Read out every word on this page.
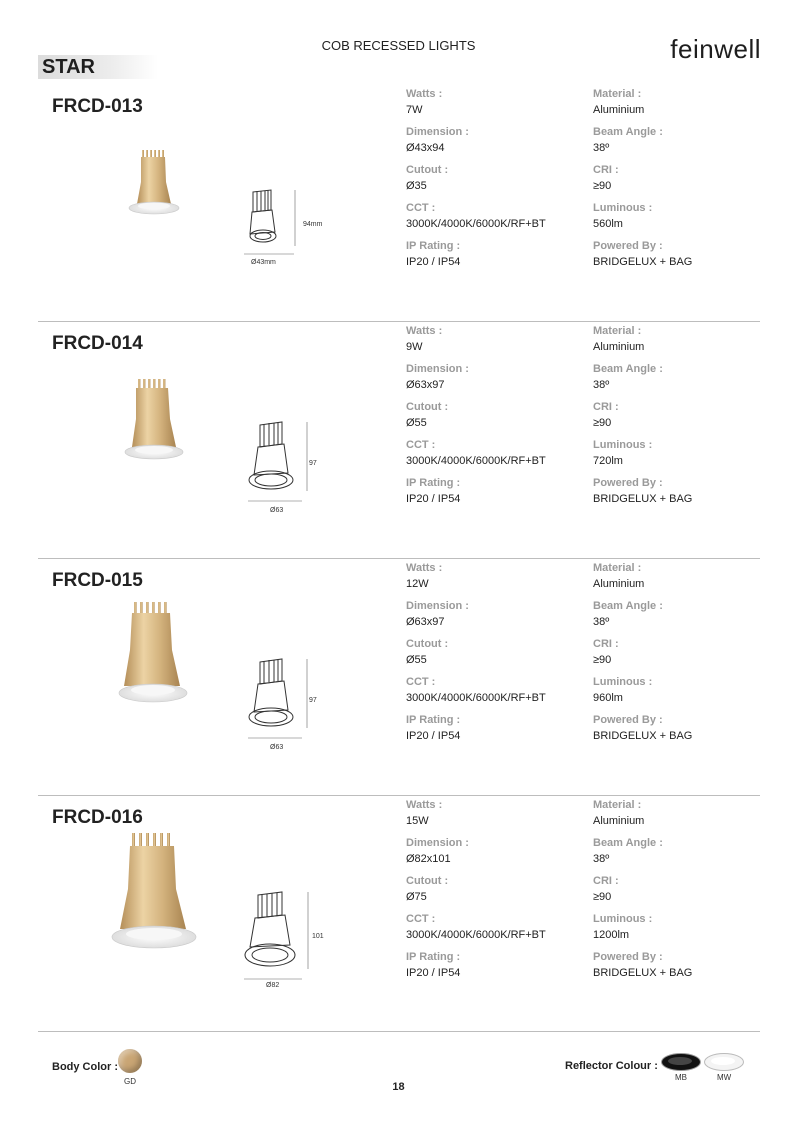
COB RECESSED LIGHTS	feinwell
STAR
FRCD-013
94mm
Ø43mm
Watts :
7W
Dimension :
Ø43x94
Cutout :
Ø35
CCT :
3000K/4000K/6000K/RF+BT
IP Rating :
IP20 / IP54
Material :
Aluminium
Beam Angle :
38º
CRI :
≥90
Luminous :
560lm
Powered By :
BRIDGELUX + BAG
FRCD-014
97
Ø63
Watts :
9W
Dimension :
Ø63x97
Cutout :
Ø55
CCT :
3000K/4000K/6000K/RF+BT
IP Rating :
IP20 / IP54
Material :
Aluminium
Beam Angle :
38º
CRI :
≥90
Luminous :
720lm
Powered By :
BRIDGELUX + BAG
FRCD-015
97
Ø63
Watts :
12W
Dimension :
Ø63x97
Cutout :
Ø55
CCT :
3000K/4000K/6000K/RF+BT
IP Rating :
IP20 / IP54
Material :
Aluminium
Beam Angle :
38º
CRI :
≥90
Luminous :
960lm
Powered By :
BRIDGELUX + BAG
FRCD-016
101
Ø82
Watts :
15W
Dimension :
Ø82x101
Cutout :
Ø75
CCT :
3000K/4000K/6000K/RF+BT
IP Rating :
IP20 / IP54
Material :
Aluminium
Beam Angle :
38º
CRI :
≥90
Luminous :
1200lm
Powered By :
BRIDGELUX + BAG
Body Color :
GD
Reflector Colour :
MB	MW
18
